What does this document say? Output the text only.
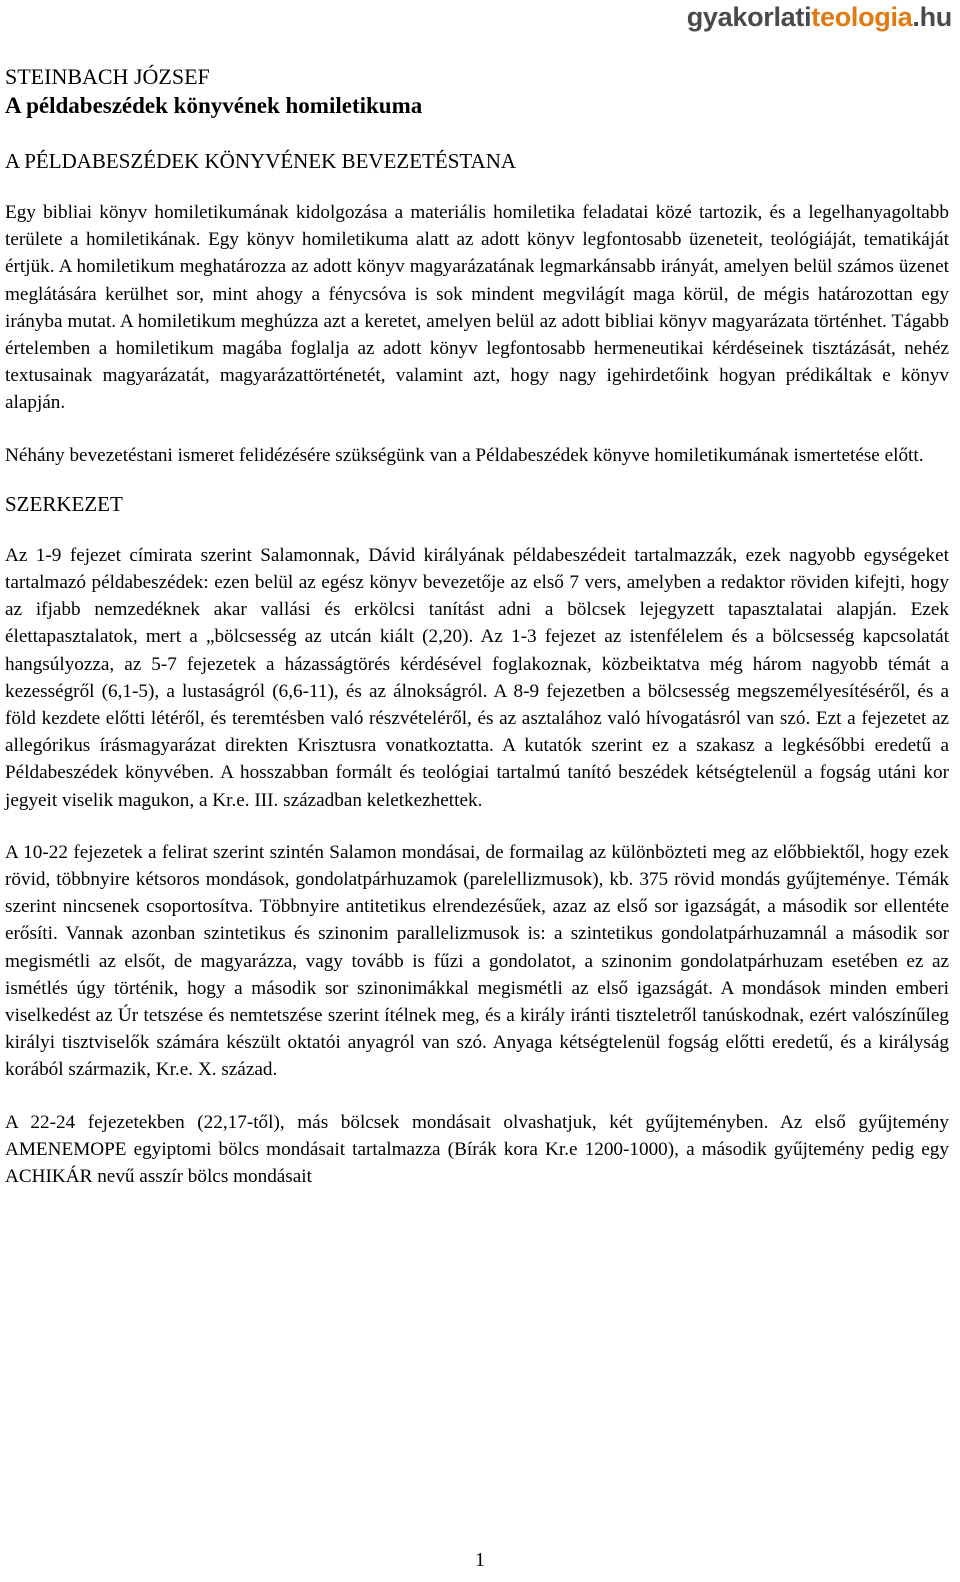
gyakorlatiteologia.hu
STEINBACH JÓZSEF
A példabeszédek könyvének homiletikuma
A PÉLDABESZÉDEK KÖNYVÉNEK BEVEZETÉSTANA

Egy bibliai könyv homiletikumának kidolgozása a materiális homiletika feladatai közé tartozik, és a legelhanyagoltabb területe a homiletikának. Egy könyv homiletikuma alatt az adott könyv legfontosabb üzeneteit, teológiáját, tematikáját értjük. A homiletikum meghatározza az adott könyv magyarázatának legmarkánsabb irányát, amelyen belül számos üzenet meglátására kerülhet sor, mint ahogy a fénycsóva is sok mindent megvilágít maga körül, de mégis határozottan egy irányba mutat. A homiletikum meghúzza azt a keretet, amelyen belül az adott bibliai könyv magyarázata történhet. Tágabb értelemben a homiletikum magába foglalja az adott könyv legfontosabb hermeneutikai kérdéseinek tisztázását, nehéz textusainak magyarázatát, magyarázattörténetét, valamint azt, hogy nagy igehirdetőink hogyan prédikáltak e könyv alapján.

Néhány bevezetéstani ismeret felidézésére szükségünk van a Példabeszédek könyve homiletikumának ismertetése előtt.

SZERKEZET

Az 1-9 fejezet címirata szerint Salamonnak, Dávid királyának példabeszédeit tartalmazzák, ezek nagyobb egységeket tartalmazó példabeszédek: ezen belül az egész könyv bevezetője az első 7 vers, amelyben a redaktor röviden kifejti, hogy az ifjabb nemzedéknek akar vallási és erkölcsi tanítást adni a bölcsek lejegyzett tapasztalatai alapján. Ezek élettapasztalatok, mert a „bölcsesség az utcán kiált (2,20). Az 1-3 fejezet az istenfélelem és a bölcsesség kapcsolatát hangsúlyozza, az 5-7 fejezetek a házasságtörés kérdésével foglakoznak, közbeiktatva még három nagyobb témát a kezességről (6,1-5), a lustaságról (6,6-11), és az álnokságról. A 8-9 fejezetben a bölcsesség megszemélyesítéséről, és a föld kezdete előtti létéről, és teremtésben való részvételéről, és az asztalához való hívogatásról van szó. Ezt a fejezetet az allegórikus írásmagyarázat direkten Krisztusra vonatkoztatta. A kutatók szerint ez a szakasz a legkésőbbi eredetű a Példabeszédek könyvében. A hosszabban formált és teológiai tartalmú tanító beszédek kétségtelenül a fogság utáni kor jegyeit viselik magukon, a Kr.e. III. században keletkezhettek.

A 10-22 fejezetek a felirat szerint szintén Salamon mondásai, de formailag az különbözteti meg az előbbiektől, hogy ezek rövid, többnyire kétsoros mondások, gondolatpárhuzamok (parelellizmusok), kb. 375 rövid mondás gyűjteménye. Témák szerint nincsenek csoportosítva. Többnyire antitetikus elrendezésűek, azaz az első sor igazságát, a második sor ellentéte erősíti. Vannak azonban szintetikus és szinonim parallelizmusok is: a szintetikus gondolatpárhuzamnál a második sor megismétli az elsőt, de magyarázza, vagy tovább is fűzi a gondolatot, a szinonim gondolatpárhuzam esetében ez az ismétlés úgy történik, hogy a második sor szinonimákkal megismétli az első igazságát. A mondások minden emberi viselkedést az Úr tetszése és nemtetszése szerint ítélnek meg, és a király iránti tiszteletről tanúskodnak, ezért valószínűleg királyi tisztviselők számára készült oktatói anyagról van szó. Anyaga kétségtelenül fogság előtti eredetű, és a királyság korából származik, Kr.e. X. század.

A 22-24 fejezetekben (22,17-től), más bölcsek mondásait olvashatjuk, két gyűjteményben. Az első gyűjtemény AMENEMOPE egyiptomi bölcs mondásait tartalmazza (Bírák kora Kr.e 1200-1000), a második gyűjtemény pedig egy ACHIKÁR nevű asszír bölcs mondásait

1
